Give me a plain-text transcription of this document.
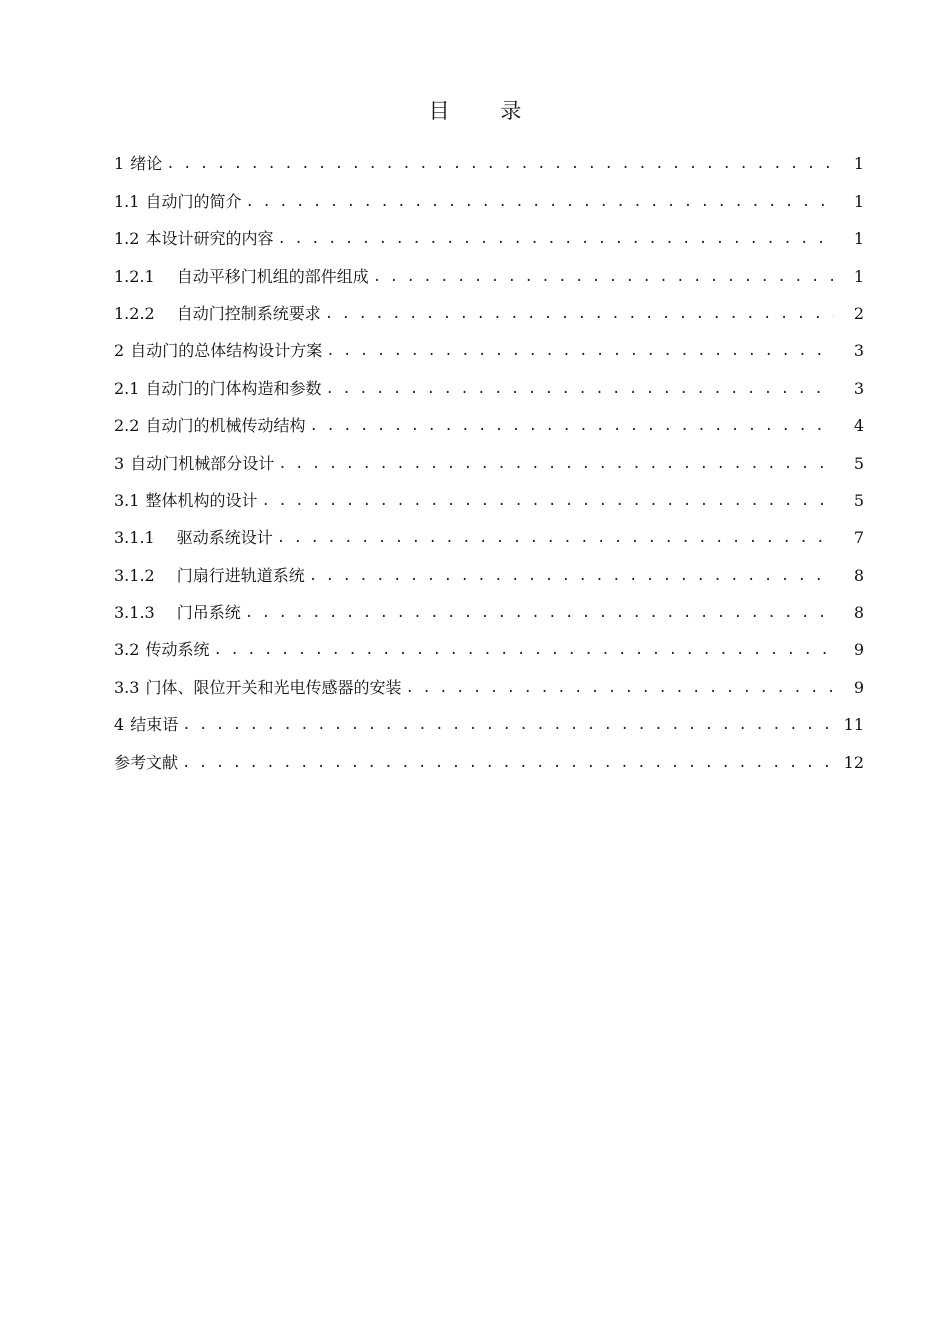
目 录
1 绪论 . . .	1
1.1 自动门的简介 . . .	1
1.2 本设计研究的内容 . . .	1
1.2.1 自动平移门机组的部件组成 . . .	1
1.2.2 自动门控制系统要求 . . .	2
2 自动门的总体结构设计方案 . . .	3
2.1 自动门的门体构造和参数 . . .	3
2.2 自动门的机械传动结构 . . .	4
3 自动门机械部分设计 . . .	5
3.1 整体机构的设计 . . .	5
3.1.1 驱动系统设计 . . .	7
3.1.2 门扇行进轨道系统 . . .	8
3.1.3 门吊系统 . . .	8
3.2 传动系统 . . .	9
3.3 门体、限位开关和光电传感器的安装 . . .	9
4 结束语 . . .	11
参考文献 . . .	12
